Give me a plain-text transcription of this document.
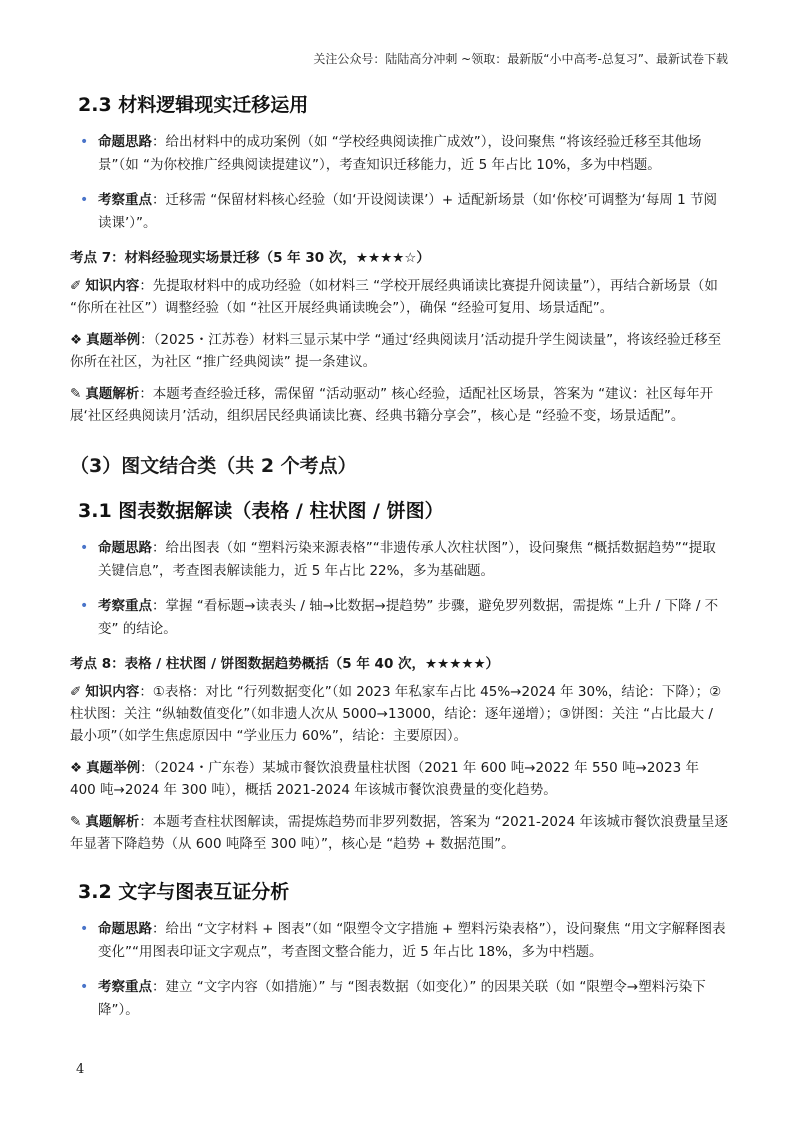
关注公众号：陆陆高分冲刺 ~领取：最新版“小中高考-总复习”、最新试卷下载
2.3 材料逻辑现实迁移运用
• 命题思路：给出材料中的成功案例（如 “学校经典阅读推广成效”），设问聚焦 “将该经验迁移至其他场景”（如 “为你校推广经典阅读提建议”），考查知识迁移能力，近 5 年占比 10%，多为中档题。
• 考察重点：迁移需 “保留材料核心经验（如‘开设阅读课’）+ 适配新场景（如‘你校’可调整为‘每周 1 节阅读课’）”。
考点 7：材料经验现实场景迁移（5 年 30 次，★★★★☆）
✐ 知识内容：先提取材料中的成功经验（如材料三 “学校开展经典诵读比赛提升阅读量”），再结合新场景（如 “你所在社区”）调整经验（如 “社区开展经典诵读晚会”），确保 “经验可复用、场景适配”。
❖ 真题举例：（2025・江苏卷）材料三显示某中学 “通过‘经典阅读月’活动提升学生阅读量”，将该经验迁移至你所在社区，为社区 “推广经典阅读” 提一条建议。
✎ 真题解析：本题考查经验迁移，需保留 “活动驱动” 核心经验，适配社区场景，答案为 “建议：社区每年开展‘社区经典阅读月’活动，组织居民经典诵读比赛、经典书籍分享会”，核心是 “经验不变，场景适配”。
（3）图文结合类（共 2 个考点）
3.1 图表数据解读（表格 / 柱状图 / 饼图）
• 命题思路：给出图表（如 “塑料污染来源表格”“非遗传承人次柱状图”），设问聚焦 “概括数据趋势”“提取关键信息”，考查图表解读能力，近 5 年占比 22%，多为基础题。
• 考察重点：掌握 “看标题→读表头 / 轴→比数据→提趋势” 步骤，避免罗列数据，需提炼 “上升 / 下降 / 不变” 的结论。
考点 8：表格 / 柱状图 / 饼图数据趋势概括（5 年 40 次，★★★★★）
✐ 知识内容：①表格：对比 “行列数据变化”（如 2023 年私家车占比 45%→2024 年 30%，结论：下降）；②柱状图：关注 “纵轴数值变化”（如非遗人次从 5000→13000，结论：逐年递增）；③饼图：关注 “占比最大 / 最小项”（如学生焦虑原因中 “学业压力 60%”，结论：主要原因）。
❖ 真题举例：（2024・广东卷）某城市餐饮浪费量柱状图（2021 年 600 吨→2022 年 550 吨→2023 年 400 吨→2024 年 300 吨），概括 2021-2024 年该城市餐饮浪费量的变化趋势。
✎ 真题解析：本题考查柱状图解读，需提炼趋势而非罗列数据，答案为 “2021-2024 年该城市餐饮浪费量呈逐年显著下降趋势（从 600 吨降至 300 吨）”，核心是 “趋势 + 数据范围”。
3.2 文字与图表互证分析
• 命题思路：给出 “文字材料 + 图表”（如 “限塑令文字措施 + 塑料污染表格”），设问聚焦 “用文字解释图表变化”“用图表印证文字观点”，考查图文整合能力，近 5 年占比 18%，多为中档题。
• 考察重点：建立 “文字内容（如措施）” 与 “图表数据（如变化）” 的因果关联（如 “限塑令→塑料污染下降”）。
4
